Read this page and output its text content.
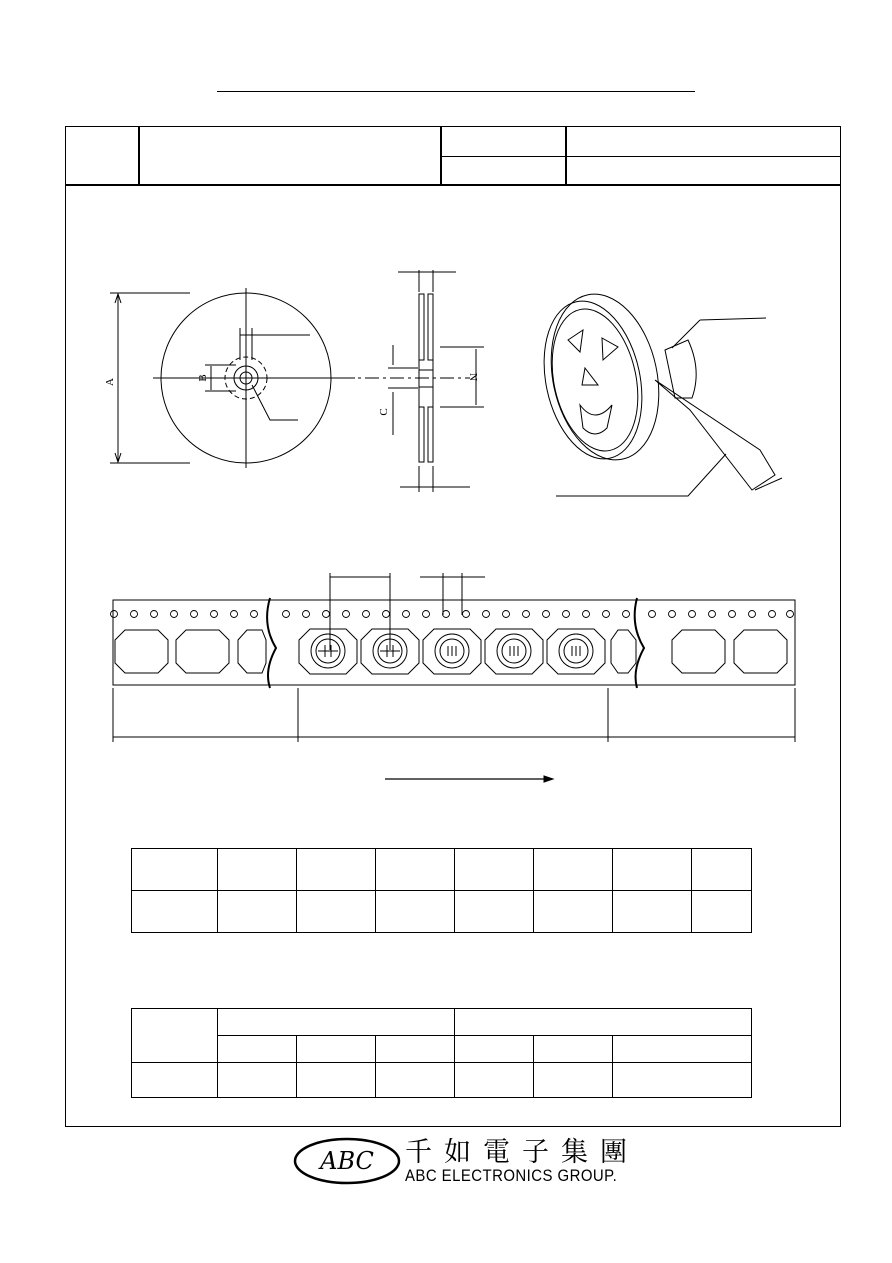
A
B
C
N

ABC 千如電子集團
ABC ELECTRONICS GROUP.
